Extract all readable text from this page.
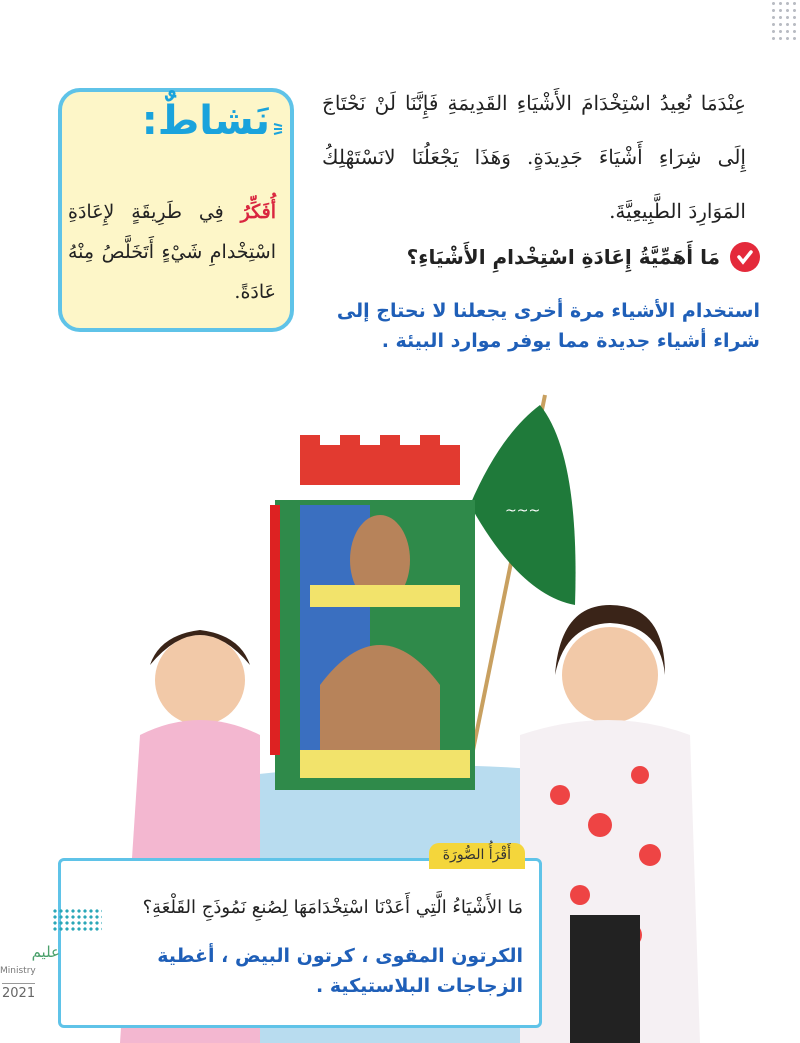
نَشاطٌ:
أُفَكِّرُ فِي طَرِيقَةٍ لإِعَادَةِ اسْتِخْدامِ شَيْءٍ أَتَخَلَّصُ مِنْهُ عَادَةً.
عِنْدَمَا نُعِيدُ اسْتِخْدَامَ الأَشْيَاءِ القَدِيمَةِ فَإِنَّنَا لَنْ نَحْتَاجَ إِلَى شِرَاءِ أَشْيَاءَ جَدِيدَةٍ. وَهَذَا يَجْعَلُنَا لانَسْتَهْلِكُ المَوَارِدَ الطَّبِيعِيَّةَ.
مَا أَهَمِّيَّةُ إِعَادَةِ اسْتِخْدامِ الأَشْيَاءِ؟
استخدام الأشياء مرة أخرى يجعلنا لا نحتاج إلى شراء أشياء جديدة مما يوفر موارد البيئة .
~~~
أَقْرَأُ الصُّورَةَ
مَا الأَشْيَاءُ الَّتِي أَعَدْنَا اسْتِخْدَامَهَا لِصُنعِ نَمُوذَجِ القَلْعَةِ؟
الكرتون المقوى ، كرتون البيض ، أغطية الزجاجات البلاستيكية .
عليم
Ministry
2021
